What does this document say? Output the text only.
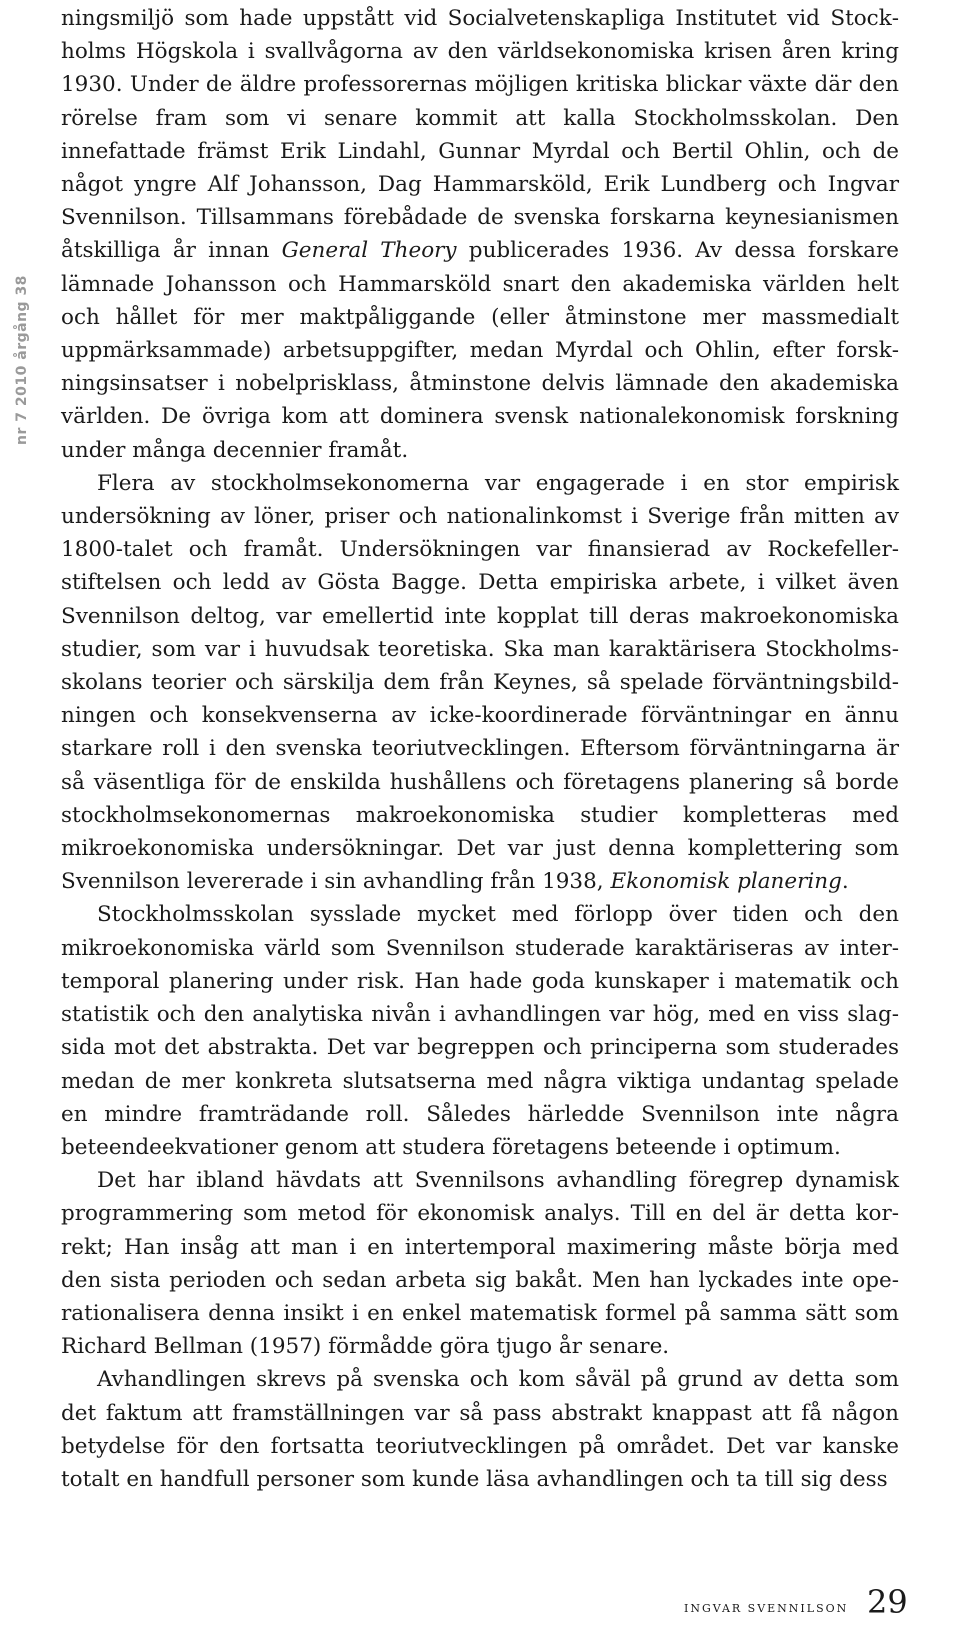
nr 7 2010 årgång 38

ningsmiljö som hade uppstått vid Socialvetenskapliga Institutet vid Stockholms Högskola i svallvågorna av den världsekonomiska krisen åren kring 1930. Under de äldre professorernas möjligen kritiska blickar växte där den rörelse fram som vi senare kommit att kalla Stockholmsskolan. Den innefattade främst Erik Lindahl, Gunnar Myrdal och Bertil Ohlin, och de något yngre Alf Johansson, Dag Hammarsköld, Erik Lundberg och Ingvar Svennilson. Tillsammans förebådade de svenska forskarna keynesianismen åtskilliga år innan General Theory publicerades 1936. Av dessa forskare lämnade Johansson och Hammarsköld snart den akademiska världen helt och hållet för mer maktpåliggande (eller åtminstone mer massmedialt uppmärksammade) arbetsuppgifter, medan Myrdal och Ohlin, efter forskningsinsatser i nobelprisklass, åtminstone delvis lämnade den akademiska världen. De övriga kom att dominera svensk nationalekonomisk forskning under många decennier framåt.

Flera av stockholmsekonomerna var engagerade i en stor empirisk undersökning av löner, priser och nationalinkomst i Sverige från mitten av 1800-talet och framåt. Undersökningen var finansierad av Rockefellerstiftelsen och ledd av Gösta Bagge. Detta empiriska arbete, i vilket även Svennilson deltog, var emellertid inte kopplat till deras makroekonomiska studier, som var i huvudsak teoretiska. Ska man karaktärisera Stockholmsskolans teorier och särskilja dem från Keynes, så spelade förväntningsbildningen och konsekvenserna av icke-koordinerade förväntningar en ännu starkare roll i den svenska teoriutvecklingen. Eftersom förväntningarna är så väsentliga för de enskilda hushållens och företagens planering så borde stockholmsekonomernas makroekonomiska studier kompletteras med mikroekonomiska undersökningar. Det var just denna komplettering som Svennilson levererade i sin avhandling från 1938, Ekonomisk planering.

Stockholmsskolan sysslade mycket med förlopp över tiden och den mikroekonomiska värld som Svennilson studerade karaktäriseras av intertemporal planering under risk. Han hade goda kunskaper i matematik och statistik och den analytiska nivån i avhandlingen var hög, med en viss slagsida mot det abstrakta. Det var begreppen och principerna som studerades medan de mer konkreta slutsatserna med några viktiga undantag spelade en mindre framträdande roll. Således härledde Svennilson inte några beteendeekvationer genom att studera företagens beteende i optimum.

Det har ibland hävdats att Svennilsons avhandling föregrep dynamisk programmering som metod för ekonomisk analys. Till en del är detta korrekt; Han insåg att man i en intertemporal maximering måste börja med den sista perioden och sedan arbeta sig bakåt. Men han lyckades inte operationalisera denna insikt i en enkel matematisk formel på samma sätt som Richard Bellman (1957) förmådde göra tjugo år senare.

Avhandlingen skrevs på svenska och kom såväl på grund av detta som det faktum att framställningen var så pass abstrakt knappast att få någon betydelse för den fortsatta teoriutvecklingen på området. Det var kanske totalt en handfull personer som kunde läsa avhandlingen och ta till sig dess

ingvar svennilson 29
